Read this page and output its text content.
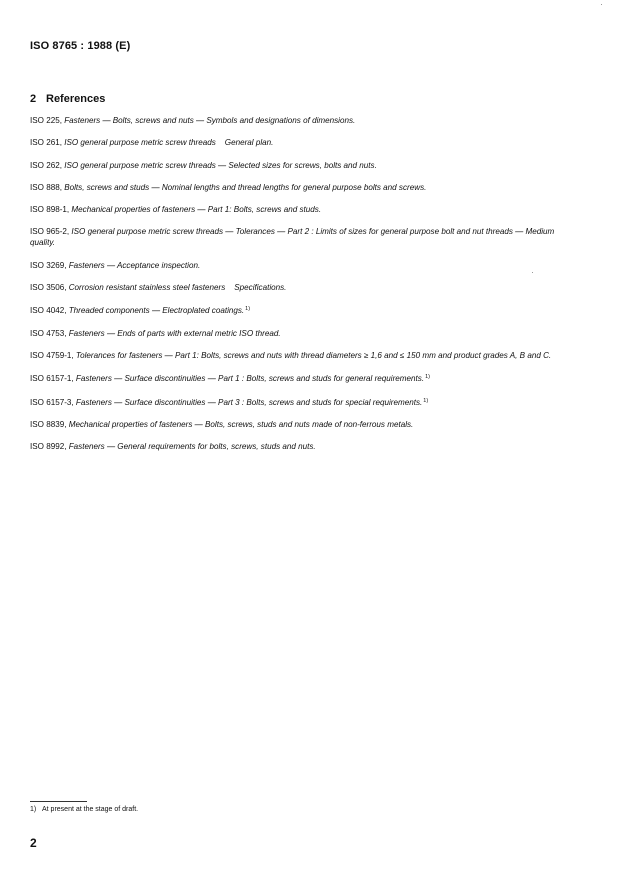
ISO 8765 : 1988 (E)
2 References

ISO 225, Fasteners — Bolts, screws and nuts — Symbols and designations of dimensions.

ISO 261, ISO general purpose metric screw threads    General plan.

ISO 262, ISO general purpose metric screw threads — Selected sizes for screws, bolts and nuts.

ISO 888, Bolts, screws and studs — Nominal lengths and thread lengths for general purpose bolts and screws.

ISO 898-1, Mechanical properties of fasteners — Part 1: Bolts, screws and studs.

ISO 965-2, ISO general purpose metric screw threads — Tolerances — Part 2 : Limits of sizes for general purpose bolt and nut threads — Medium quality.

ISO 3269, Fasteners — Acceptance inspection.

ISO 3506, Corrosion resistant stainless steel fasteners    Specifications.

ISO 4042, Threaded components — Electroplated coatings.$^{1)}$

ISO 4753, Fasteners — Ends of parts with external metric ISO thread.

ISO 4759-1, Tolerances for fasteners — Part 1: Bolts, screws and nuts with thread diameters ≥ 1,6 and ≤ 150 mm and product grades A, B and C.

ISO 6157-1, Fasteners — Surface discontinuities — Part 1 : Bolts, screws and studs for general requirements.$^{1)}$

ISO 6157-3, Fasteners — Surface discontinuities — Part 3 : Bolts, screws and studs for special requirements.$^{1)}$

ISO 8839, Mechanical properties of fasteners — Bolts, screws, studs and nuts made of non-ferrous metals.

ISO 8992, Fasteners — General requirements for bolts, screws, studs and nuts.

1) At present at the stage of draft.
2
